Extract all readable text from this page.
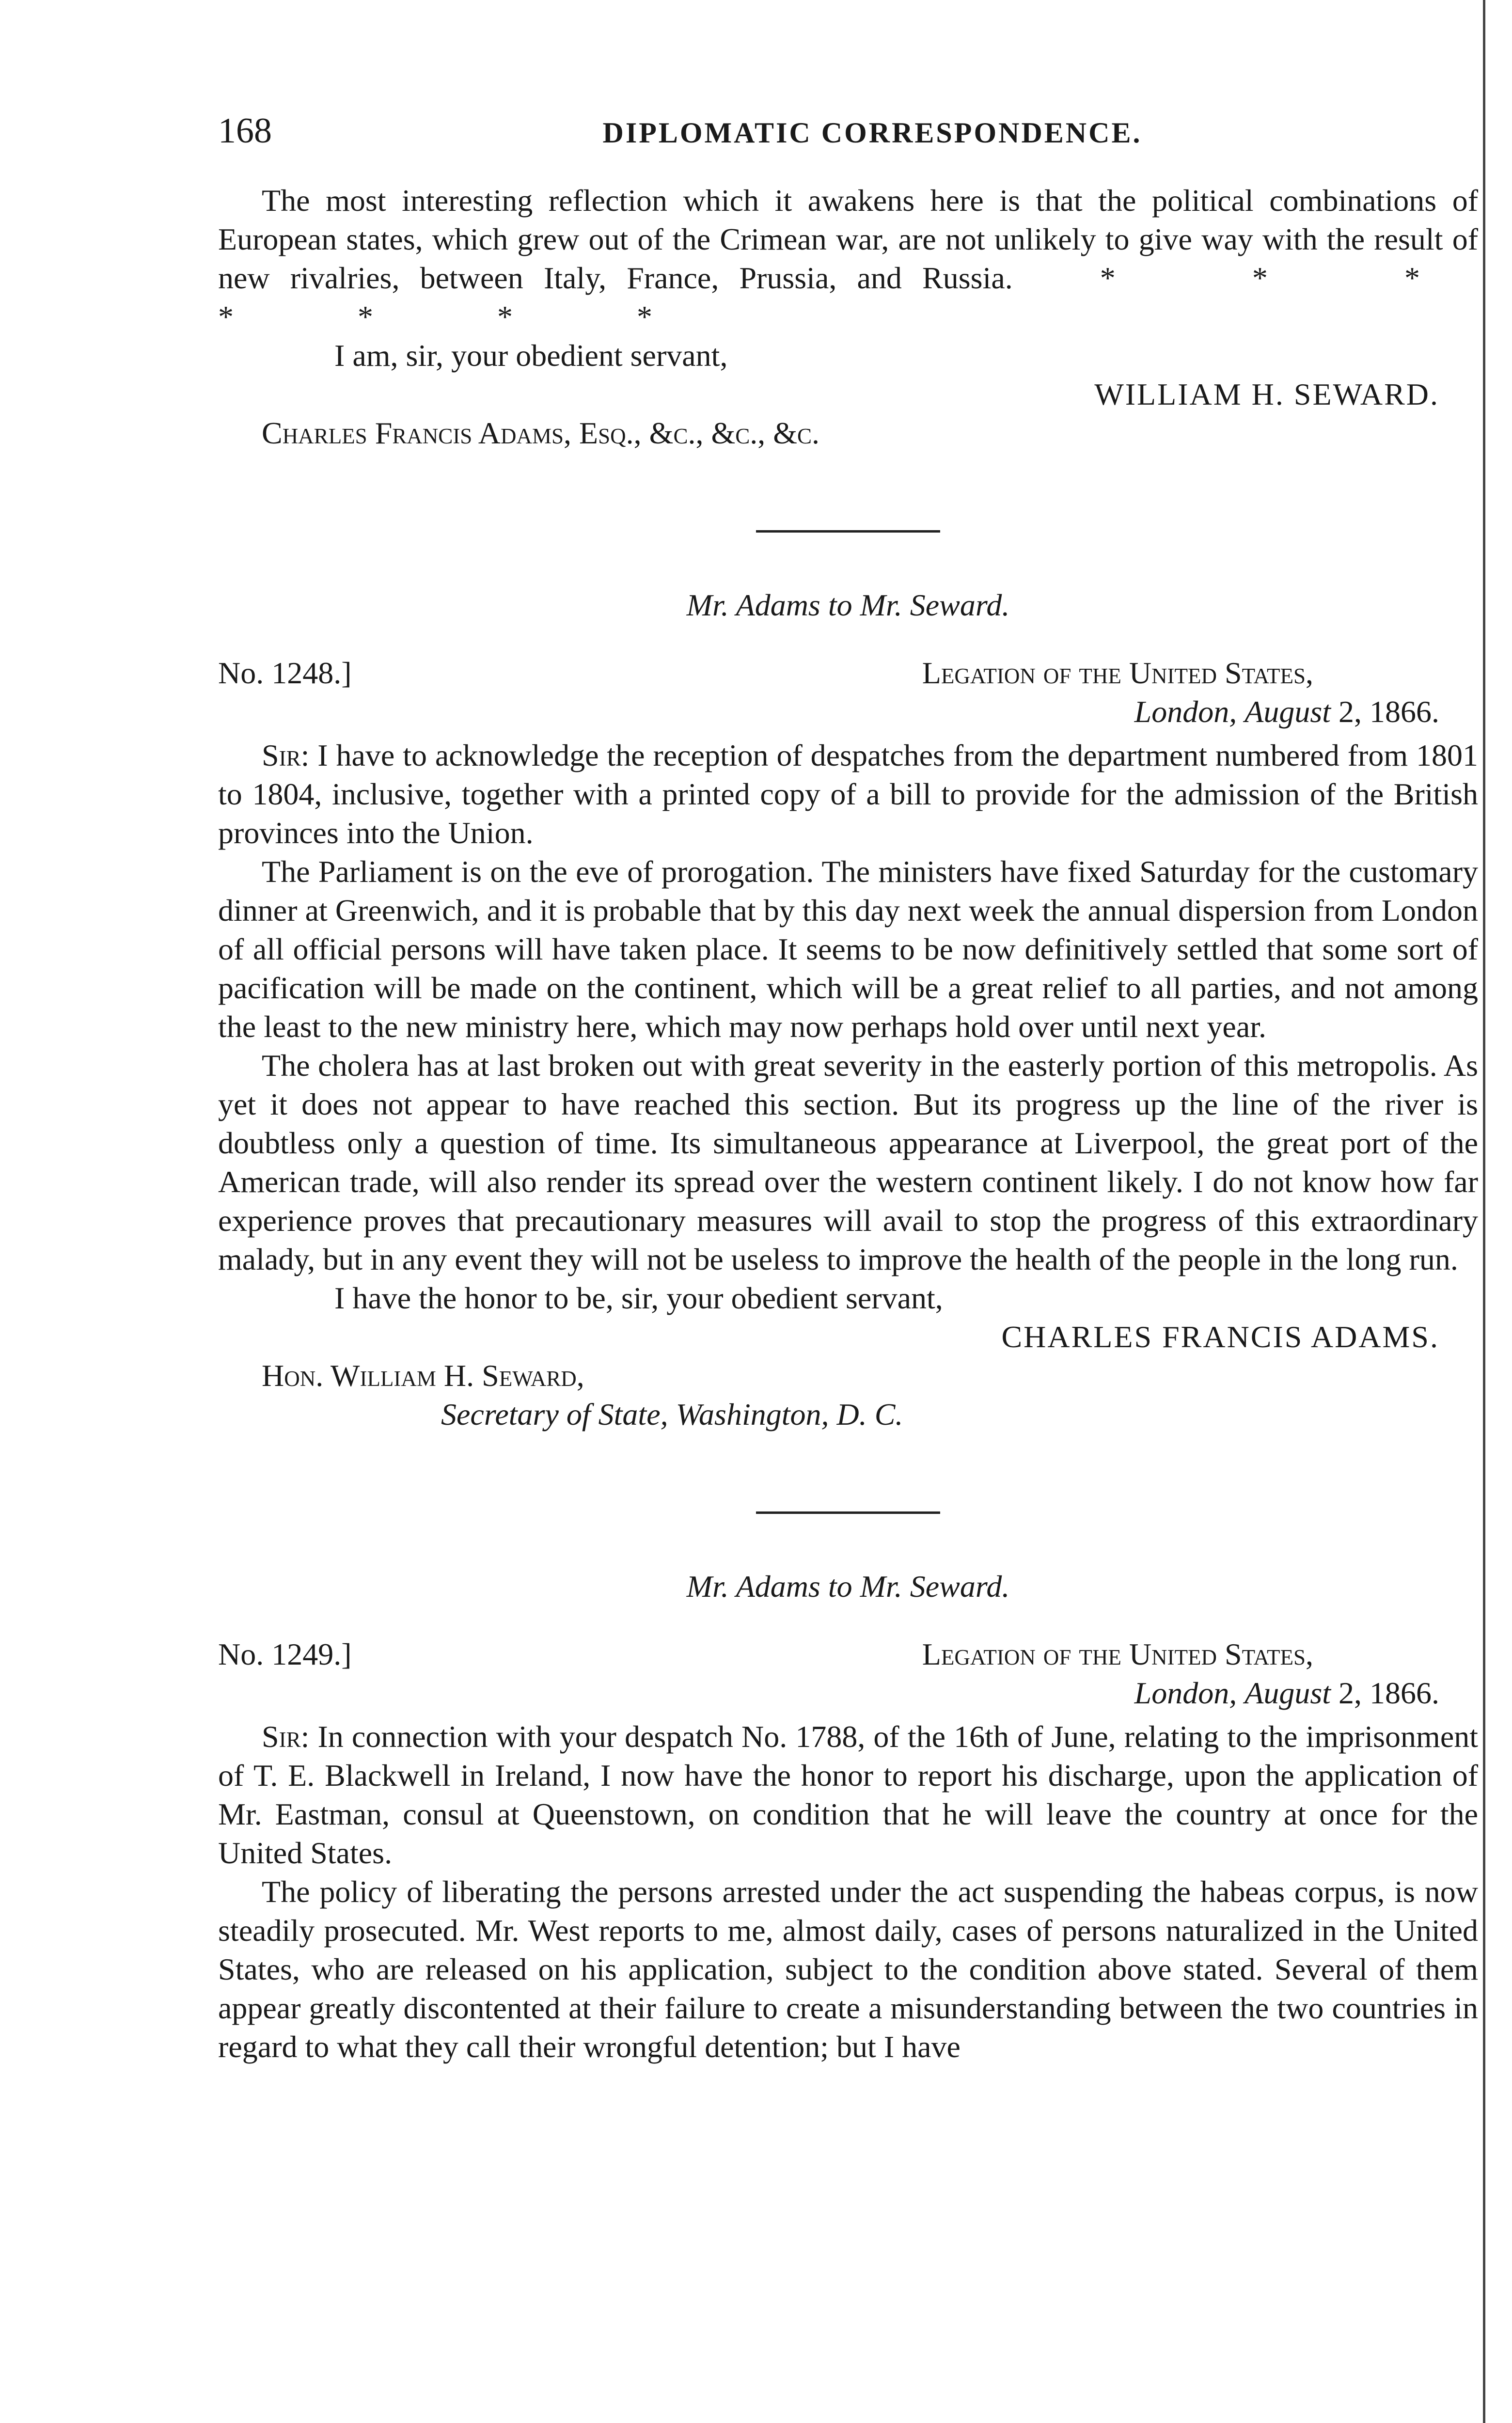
168	DIPLOMATIC CORRESPONDENCE.

The most interesting reflection which it awakens here is that the political combinations of European states, which grew out of the Crimean war, are not unlikely to give way with the result of new rivalries, between Italy, France, Prussia, and Russia.	* * * * * * *

I am, sir, your obedient servant,

WILLIAM H. SEWARD.

Charles Francis Adams, Esq., &c., &c., &c.

Mr. Adams to Mr. Seward.
No. 1248.]	Legation of the United States,
London, August 2, 1866.

Sir: I have to acknowledge the reception of despatches from the department numbered from 1801 to 1804, inclusive, together with a printed copy of a bill to provide for the admission of the British provinces into the Union.

The Parliament is on the eve of prorogation. The ministers have fixed Saturday for the customary dinner at Greenwich, and it is probable that by this day next week the annual dispersion from London of all official persons will have taken place. It seems to be now definitively settled that some sort of pacification will be made on the continent, which will be a great relief to all parties, and not among the least to the new ministry here, which may now perhaps hold over until next year.

The cholera has at last broken out with great severity in the easterly portion of this metropolis. As yet it does not appear to have reached this section. But its progress up the line of the river is doubtless only a question of time. Its simultaneous appearance at Liverpool, the great port of the American trade, will also render its spread over the western continent likely. I do not know how far experience proves that precautionary measures will avail to stop the progress of this extraordinary malady, but in any event they will not be useless to improve the health of the people in the long run.

I have the honor to be, sir, your obedient servant,

CHARLES FRANCIS ADAMS.

Hon. William H. Seward,

Secretary of State, Washington, D. C.

Mr. Adams to Mr. Seward.
No. 1249.]	Legation of the United States,
London, August 2, 1866.

Sir: In connection with your despatch No. 1788, of the 16th of June, relating to the imprisonment of T. E. Blackwell in Ireland, I now have the honor to report his discharge, upon the application of Mr. Eastman, consul at Queenstown, on condition that he will leave the country at once for the United States.

The policy of liberating the persons arrested under the act suspending the habeas corpus, is now steadily prosecuted. Mr. West reports to me, almost daily, cases of persons naturalized in the United States, who are released on his application, subject to the condition above stated. Several of them appear greatly discontented at their failure to create a misunderstanding between the two countries in regard to what they call their wrongful detention; but I have
